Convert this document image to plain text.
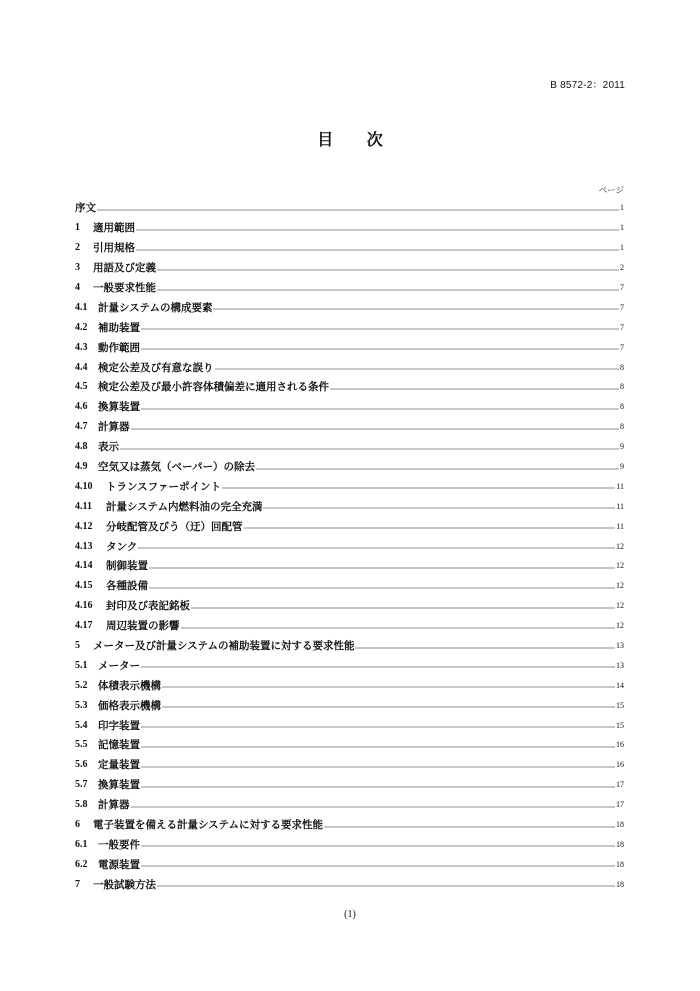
B 8572-2：2011
目 次
ページ
序文	1
1	適用範囲	1
2	引用規格	1
3	用語及び定義	2
4	一般要求性能	7
4.1	計量システムの構成要素	7
4.2	補助装置	7
4.3	動作範囲	7
4.4	検定公差及び有意な誤り	8
4.5	検定公差及び最小許容体積偏差に適用される条件	8
4.6	換算装置	8
4.7	計算器	8
4.8	表示	9
4.9	空気又は蒸気（ベーパー）の除去	9
4.10	トランスファーポイント	11
4.11	計量システム内燃料油の完全充満	11
4.12	分岐配管及びう（迂）回配管	11
4.13	タンク	12
4.14	制御装置	12
4.15	各種設備	12
4.16	封印及び表記銘板	12
4.17	周辺装置の影響	12
5	メーター及び計量システムの補助装置に対する要求性能	13
5.1	メーター	13
5.2	体積表示機構	14
5.3	価格表示機構	15
5.4	印字装置	15
5.5	記憶装置	16
5.6	定量装置	16
5.7	換算装置	17
5.8	計算器	17
6	電子装置を備える計量システムに対する要求性能	18
6.1	一般要件	18
6.2	電源装置	18
7	一般試験方法	18
(1)
